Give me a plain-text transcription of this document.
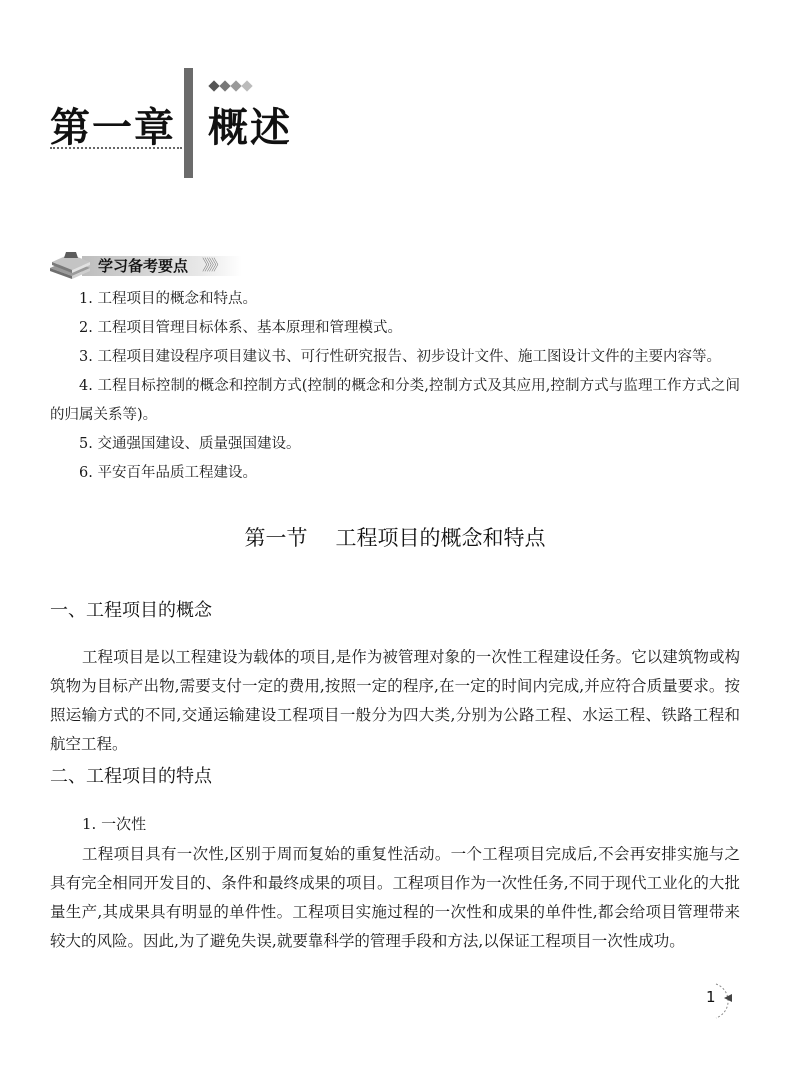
第一章 概述
学习备考要点 》》》

1. 工程项目的概念和特点。

2. 工程项目管理目标体系、基本原理和管理模式。

3. 工程项目建设程序项目建议书、可行性研究报告、初步设计文件、施工图设计文件的主要内容等。

4. 工程目标控制的概念和控制方式(控制的概念和分类,控制方式及其应用,控制方式与监理工作方式之间的归属关系等)。

5. 交通强国建设、质量强国建设。

6. 平安百年品质工程建设。

第一节 工程项目的概念和特点
一、工程项目的概念

工程项目是以工程建设为载体的项目,是作为被管理对象的一次性工程建设任务。它以建筑物或构筑物为目标产出物,需要支付一定的费用,按照一定的程序,在一定的时间内完成,并应符合质量要求。按照运输方式的不同,交通运输建设工程项目一般分为四大类,分别为公路工程、水运工程、铁路工程和航空工程。

二、工程项目的特点
1. 一次性

工程项目具有一次性,区别于周而复始的重复性活动。一个工程项目完成后,不会再安排实施与之具有完全相同开发目的、条件和最终成果的项目。工程项目作为一次性任务,不同于现代工业化的大批量生产,其成果具有明显的单件性。工程项目实施过程的一次性和成果的单件性,都会给项目管理带来较大的风险。因此,为了避免失误,就要靠科学的管理手段和方法,以保证工程项目一次性成功。

1
